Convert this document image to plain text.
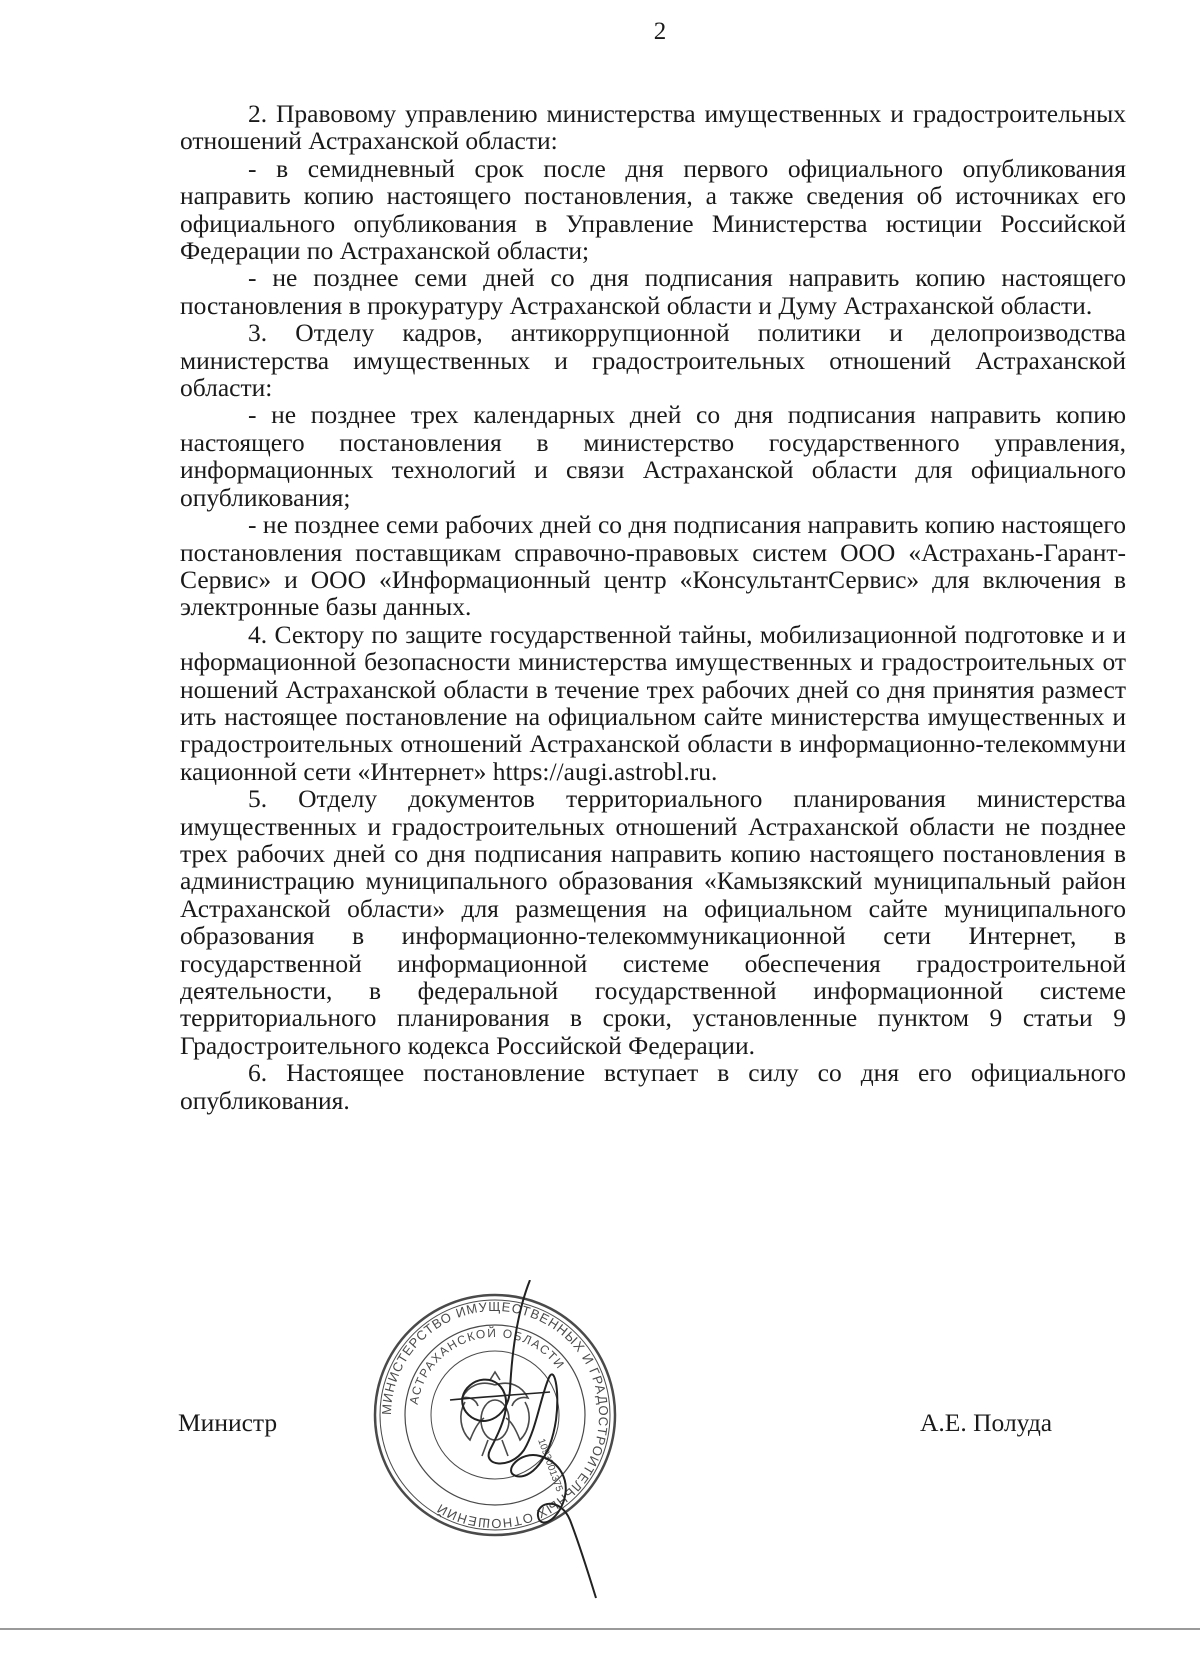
2

2. Правовому управлению министерства имущественных и градостроительных отношений Астраханской области:

- в семидневный срок после дня первого официального опубликования направить копию настоящего постановления, а также сведения об источниках его официального опубликования в Управление Министерства юстиции Российской Федерации по Астраханской области;

- не позднее семи дней со дня подписания направить копию настоящего постановления в прокуратуру Астраханской области и Думу Астраханской области.

3. Отделу кадров, антикоррупционной политики и делопроизводства министерства имущественных и градостроительных отношений Астраханской области:

- не позднее трех календарных дней со дня подписания направить копию настоящего постановления в министерство государственного управления, информационных технологий и связи Астраханской области для официального опубликования;

- не позднее семи рабочих дней со дня подписания направить копию настоящего постановления поставщикам справочно-правовых систем ООО «Астрахань-Гарант-Сервис» и ООО «Информационный центр «КонсультантСервис» для включения в электронные базы данных.

4. Сектору по защите государственной тайны, мобилизационной подготовке и информационной безопасности министерства имущественных и градостроительных отношений Астраханской области в течение трех рабочих дней со дня принятия разместить настоящее постановление на официальном сайте министерства имущественных и градостроительных отношений Астраханской области в информационно-телекоммуникационной сети «Интернет» https://augi.astrobl.ru.

5. Отделу документов территориального планирования министерства имущественных и градостроительных отношений Астраханской области не позднее трех рабочих дней со дня подписания направить копию настоящего постановления в администрацию муниципального образования «Камызякский муниципальный район Астраханской области» для размещения на официальном сайте муниципального образования в информационно-телекоммуникационной сети Интернет, в государственной информационной системе обеспечения градостроительной деятельности, в федеральной государственной информационной системе территориального планирования в сроки, установленные пунктом 9 статьи 9 Градостроительного кодекса Российской Федерации.

6. Настоящее постановление вступает в силу со дня его официального опубликования.

Министр	А.Е. Полуда
МИНИСТЕРСТВО ИМУЩЕСТВЕННЫХ И ГРАДОСТРОИТЕЛЬНЫХ ОТНОШЕНИЙ
АСТРАХАНСКОЙ ОБЛАСТИ
1093001375
